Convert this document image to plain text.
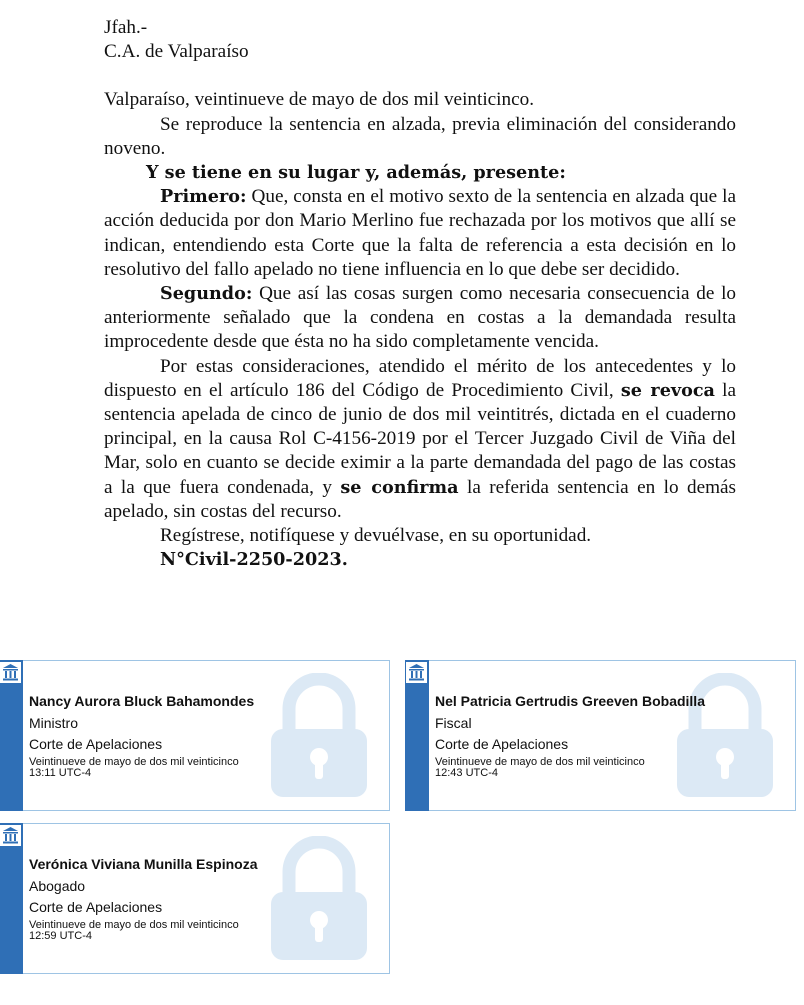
Jfah.-

C.A. de Valparaíso

Valparaíso, veintinueve de mayo de dos mil veinticinco.

Se reproduce la sentencia en alzada, previa eliminación del considerando noveno.

Y se tiene en su lugar y, además, presente:

Primero: Que, consta en el motivo sexto de la sentencia en alzada que la acción deducida por don Mario Merlino fue rechazada por los motivos que allí se indican, entendiendo esta Corte que la falta de referencia a esta decisión en lo resolutivo del fallo apelado no tiene influencia en lo que debe ser decidido.

Segundo: Que así las cosas surgen como necesaria consecuencia de lo anteriormente señalado que la condena en costas a la demandada resulta improcedente desde que ésta no ha sido completamente vencida.

Por estas consideraciones, atendido el mérito de los antecedentes y lo dispuesto en el artículo 186 del Código de Procedimiento Civil, se revoca la sentencia apelada de cinco de junio de dos mil veintitrés, dictada en el cuaderno principal, en la causa Rol C-4156-2019 por el Tercer Juzgado Civil de Viña del Mar, solo en cuanto se decide eximir a la parte demandada del pago de las costas a la que fuera condenada, y se confirma la referida sentencia en lo demás apelado, sin costas del recurso.

Regístrese, notifíquese y devuélvase, en su oportunidad.

N°Civil-2250-2023.

Nancy Aurora Bluck Bahamondes
Ministro
Corte de Apelaciones
Veintinueve de mayo de dos mil veinticinco
13:11 UTC-4
Nel Patricia Gertrudis Greeven Bobadilla
Fiscal
Corte de Apelaciones
Veintinueve de mayo de dos mil veinticinco
12:43 UTC-4
Verónica Viviana Munilla Espinoza
Abogado
Corte de Apelaciones
Veintinueve de mayo de dos mil veinticinco
12:59 UTC-4
